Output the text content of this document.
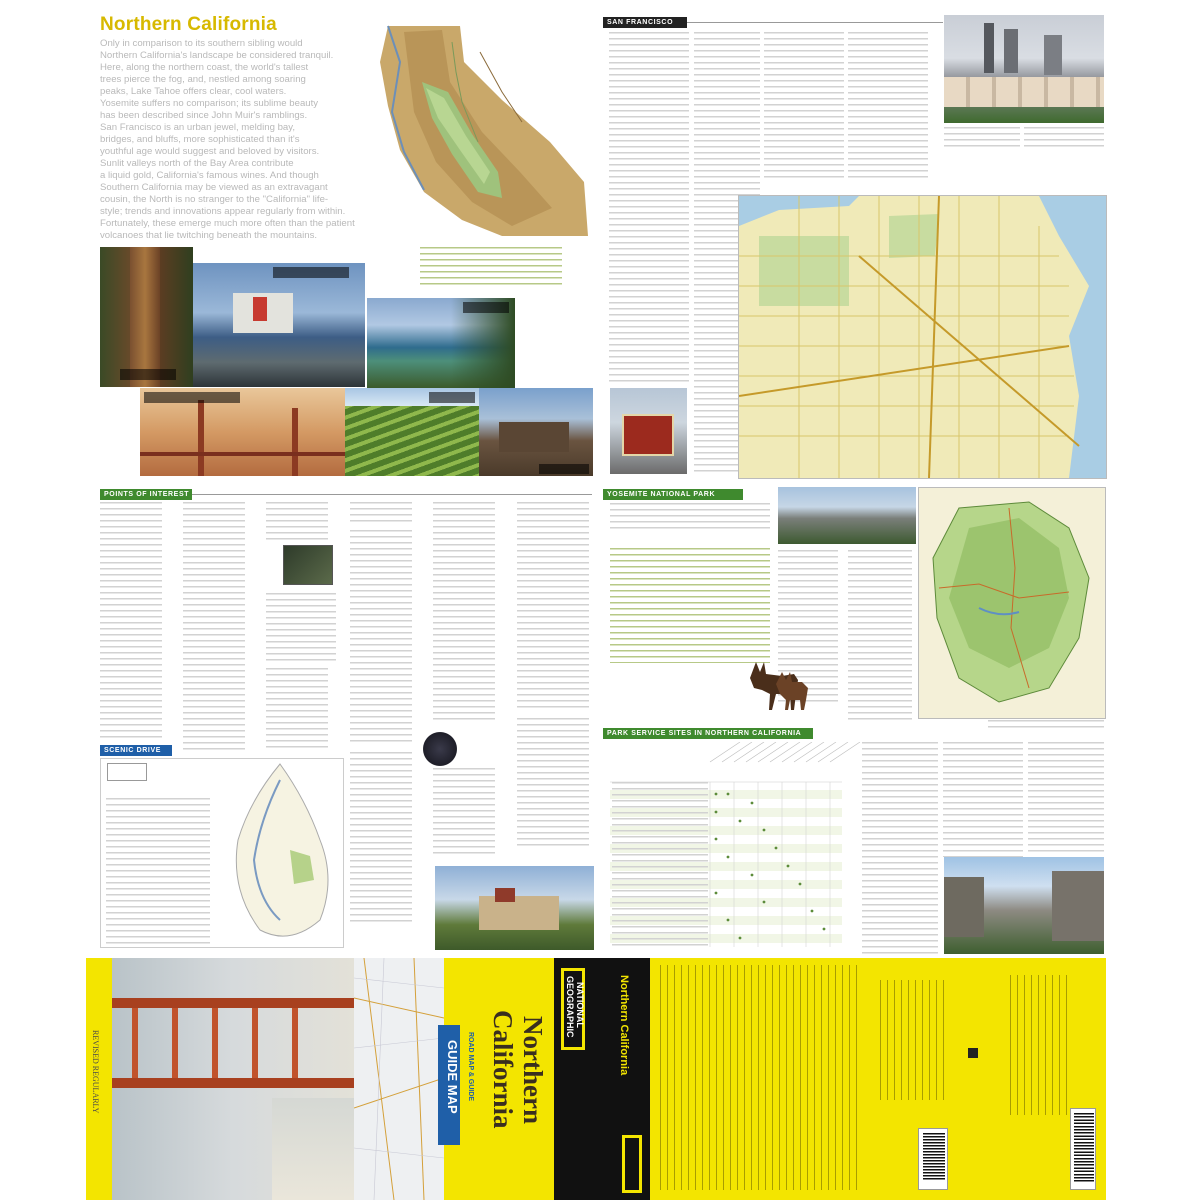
Northern California
Only in comparison to its southern sibling would
Northern California's landscape be considered tranquil.
Here, along the northern coast, the world's tallest
trees pierce the fog, and, nestled among soaring
peaks, Lake Tahoe offers clear, cool waters.
Yosemite suffers no comparison; its sublime beauty
has been described since John Muir's ramblings.
San Francisco is an urban jewel, melding bay,
bridges, and bluffs, more sophisticated than it's
youthful age would suggest and beloved by visitors.
Sunlit valleys north of the Bay Area contribute
a liquid gold, California's famous wines. And though
Southern California may be viewed as an extravagant
cousin, the North is no stranger to the "California" life-
style; trends and innovations appear regularly from within.
Fortunately, these emerge much more often than the patient
volcanoes that lie twitching beneath the mountains.
SAN FRANCISCO
POINTS OF INTEREST
SCENIC DRIVE
YOSEMITE NATIONAL PARK
PARK SERVICE SITES IN NORTHERN CALIFORNIA
REVISED REGULARLY	GUIDE MAP ROAD MAP & GUIDE Northern
California
NATIONAL
GEOGRAPHIC	Northern California
